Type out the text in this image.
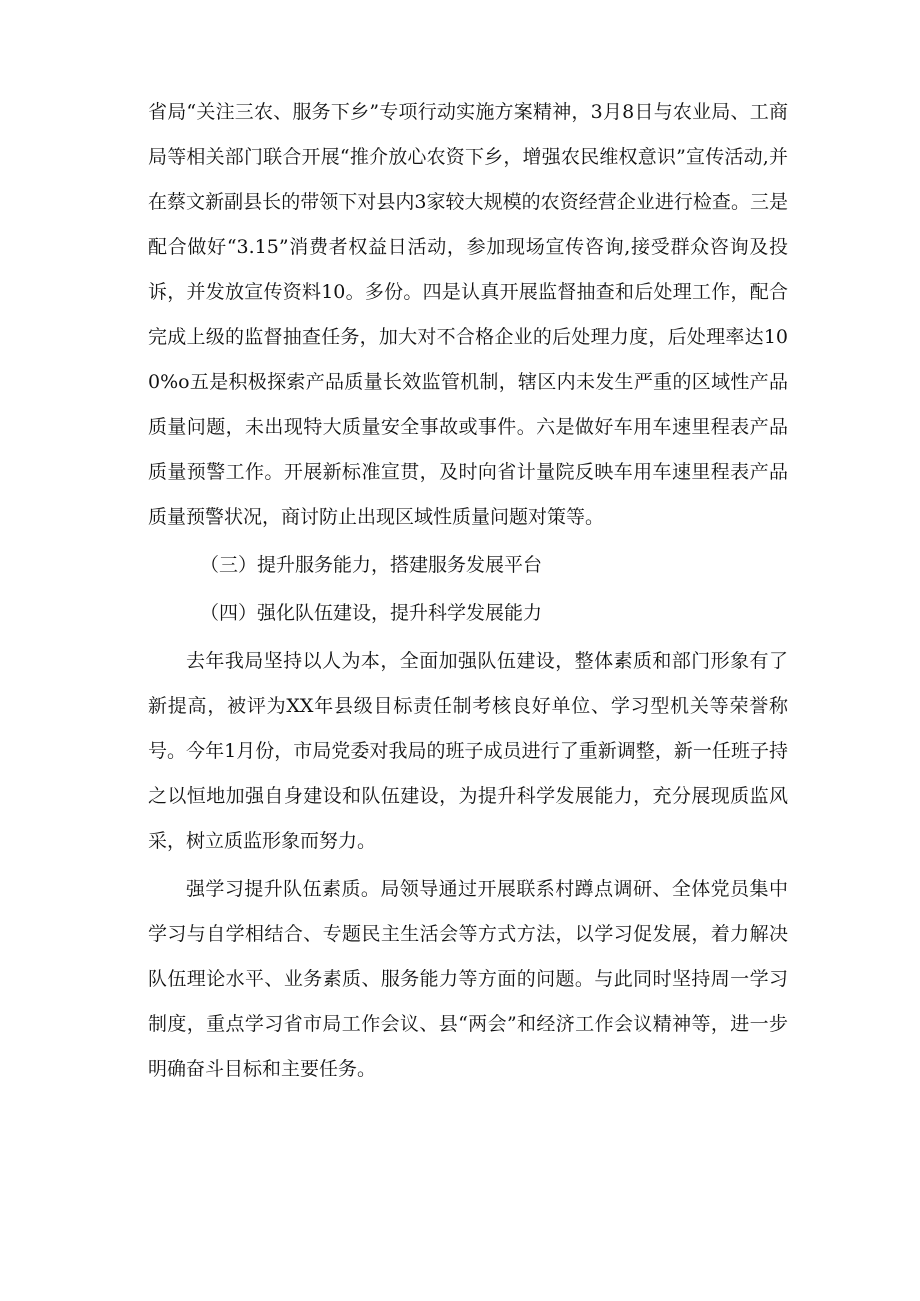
省局“关注三农、服务下乡”专项行动实施方案精神，3月8日与农业局、工商局等相关部门联合开展“推介放心农资下乡，增强农民维权意识”宣传活动,并在蔡文新副县长的带领下对县内3家较大规模的农资经营企业进行检查。三是配合做好“3.15”消费者权益日活动，参加现场宣传咨询,接受群众咨询及投诉，并发放宣传资料10。多份。四是认真开展监督抽查和后处理工作，配合完成上级的监督抽查任务，加大对不合格企业的后处理力度，后处理率达100%o五是积极探索产品质量长效监管机制，辖区内未发生严重的区域性产品质量问题，未出现特大质量安全事故或事件。六是做好车用车速里程表产品质量预警工作。开展新标准宣贯，及时向省计量院反映车用车速里程表产品质量预警状况，商讨防止出现区域性质量问题对策等。

（三）提升服务能力，搭建服务发展平台

（四）强化队伍建设，提升科学发展能力

去年我局坚持以人为本，全面加强队伍建设，整体素质和部门形象有了新提高，被评为XX年县级目标责任制考核良好单位、学习型机关等荣誉称号。今年1月份，市局党委对我局的班子成员进行了重新调整，新一任班子持之以恒地加强自身建设和队伍建设，为提升科学发展能力，充分展现质监风采，树立质监形象而努力。

强学习提升队伍素质。局领导通过开展联系村蹲点调研、全体党员集中学习与自学相结合、专题民主生活会等方式方法，以学习促发展，着力解决队伍理论水平、业务素质、服务能力等方面的问题。与此同时坚持周一学习制度，重点学习省市局工作会议、县“两会”和经济工作会议精神等，进一步明确奋斗目标和主要任务。
